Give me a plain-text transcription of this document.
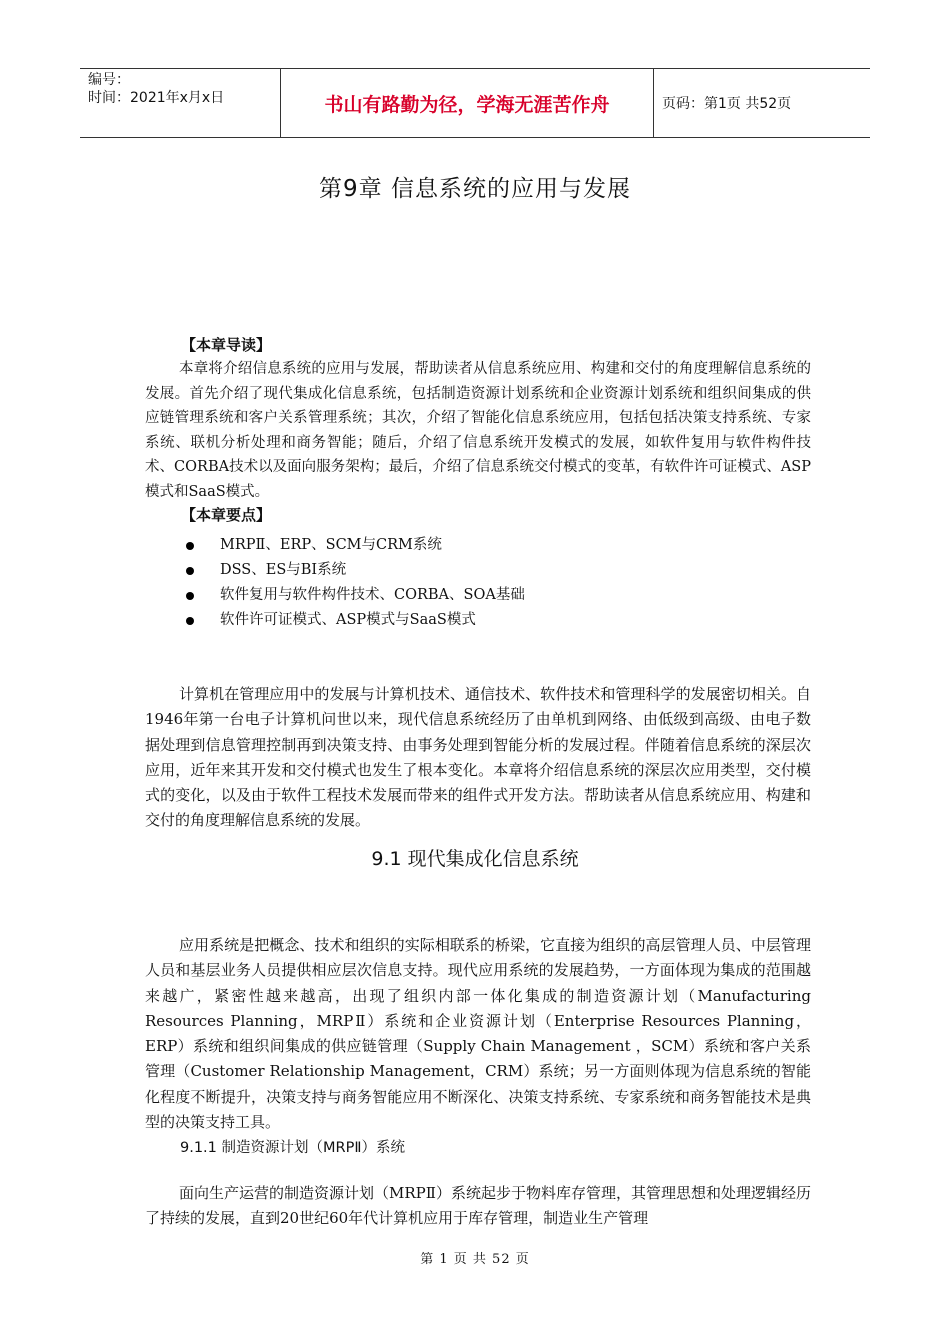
编号：
时间：2021年x月x日	书山有路勤为径，学海无涯苦作舟	页码：第1页 共52页
第9章 信息系统的应用与发展
【本章导读】

本章将介绍信息系统的应用与发展，帮助读者从信息系统应用、构建和交付的角度理解信息系统的发展。首先介绍了现代集成化信息系统，包括制造资源计划系统和企业资源计划系统和组织间集成的供应链管理系统和客户关系管理系统；其次，介绍了智能化信息系统应用，包括包括决策支持系统、专家系统、联机分析处理和商务智能；随后，介绍了信息系统开发模式的发展，如软件复用与软件构件技术、CORBA技术以及面向服务架构；最后，介绍了信息系统交付模式的变革，有软件许可证模式、ASP模式和SaaS模式。

【本章要点】
MRPⅡ、ERP、SCM与CRM系统
DSS、ES与BI系统
软件复用与软件构件技术、CORBA、SOA基础
软件许可证模式、ASP模式与SaaS模式

计算机在管理应用中的发展与计算机技术、通信技术、软件技术和管理科学的发展密切相关。自1946年第一台电子计算机问世以来，现代信息系统经历了由单机到网络、由低级到高级、由电子数据处理到信息管理控制再到决策支持、由事务处理到智能分析的发展过程。伴随着信息系统的深层次应用，近年来其开发和交付模式也发生了根本变化。本章将介绍信息系统的深层次应用类型，交付模式的变化，以及由于软件工程技术发展而带来的组件式开发方法。帮助读者从信息系统应用、构建和交付的角度理解信息系统的发展。

9.1 现代集成化信息系统

应用系统是把概念、技术和组织的实际相联系的桥梁，它直接为组织的高层管理人员、中层管理人员和基层业务人员提供相应层次信息支持。现代应用系统的发展趋势，一方面体现为集成的范围越来越广，紧密性越来越高，出现了组织内部一体化集成的制造资源计划（Manufacturing Resources Planning，MRPⅡ）系统和企业资源计划（Enterprise Resources Planning，ERP）系统和组织间集成的供应链管理（Supply Chain Management ，SCM）系统和客户关系管理（Customer Relationship Management，CRM）系统；另一方面则体现为信息系统的智能化程度不断提升，决策支持与商务智能应用不断深化、决策支持系统、专家系统和商务智能技术是典型的决策支持工具。

9.1.1 制造资源计划（MRPⅡ）系统

面向生产运营的制造资源计划（MRPⅡ）系统起步于物料库存管理，其管理思想和处理逻辑经历了持续的发展，直到20世纪60年代计算机应用于库存管理，制造业生产管理

第 1 页 共 52 页
